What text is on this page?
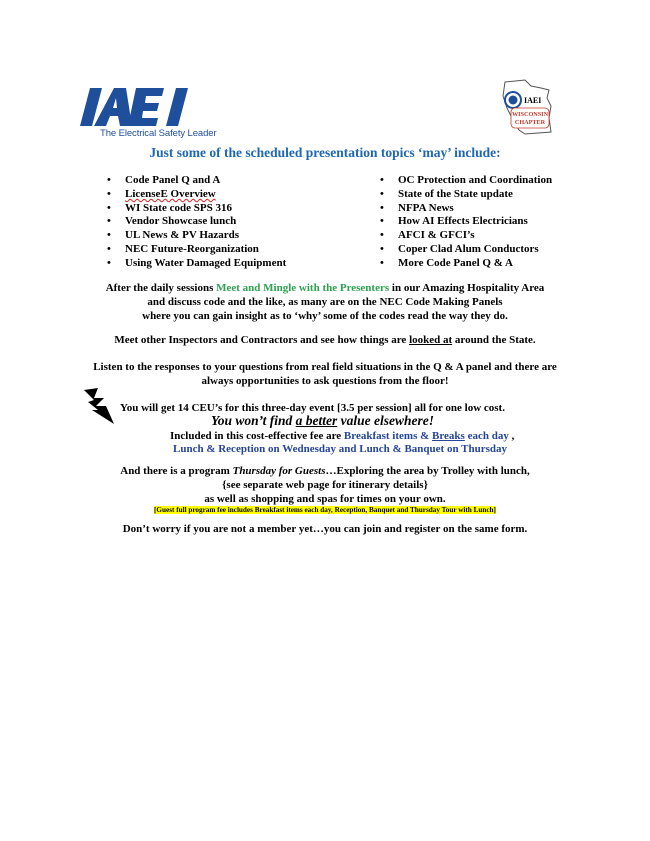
The Electrical Safety Leader
IAEI
WISCONSIN
CHAPTER
Just some of the scheduled presentation topics ‘may’ include:
• Code Panel Q and A
• LicenseE Overview
• WI State code SPS 316
• Vendor Showcase lunch
• UL News & PV Hazards
• NEC Future-Reorganization
• Using Water Damaged Equipment
• OC Protection and Coordination
• State of the State update
• NFPA News
• How AI Effects Electricians
• AFCI & GFCI’s
• Coper Clad Alum Conductors
• More Code Panel Q & A
After the daily sessions Meet and Mingle with the Presenters in our Amazing Hospitality Area
and discuss code and the like, as many are on the NEC Code Making Panels
where you can gain insight as to ‘why’ some of the codes read the way they do.
Meet other Inspectors and Contractors and see how things are looked at around the State.
Listen to the responses to your questions from real field situations in the Q & A panel and there are
always opportunities to ask questions from the floor!
You will get 14 CEU’s for this three-day event [3.5 per session] all for one low cost.
You won’t find a better value elsewhere!
Included in this cost-effective fee are Breakfast items & Breaks each day ,
Lunch & Reception on Wednesday and Lunch & Banquet on Thursday
And there is a program Thursday for Guests…Exploring the area by Trolley with lunch,
{see separate web page for itinerary details}
as well as shopping and spas for times on your own.
[Guest full program fee includes Breakfast items each day, Reception, Banquet and Thursday Tour with Lunch]
Don’t worry if you are not a member yet…you can join and register on the same form.
